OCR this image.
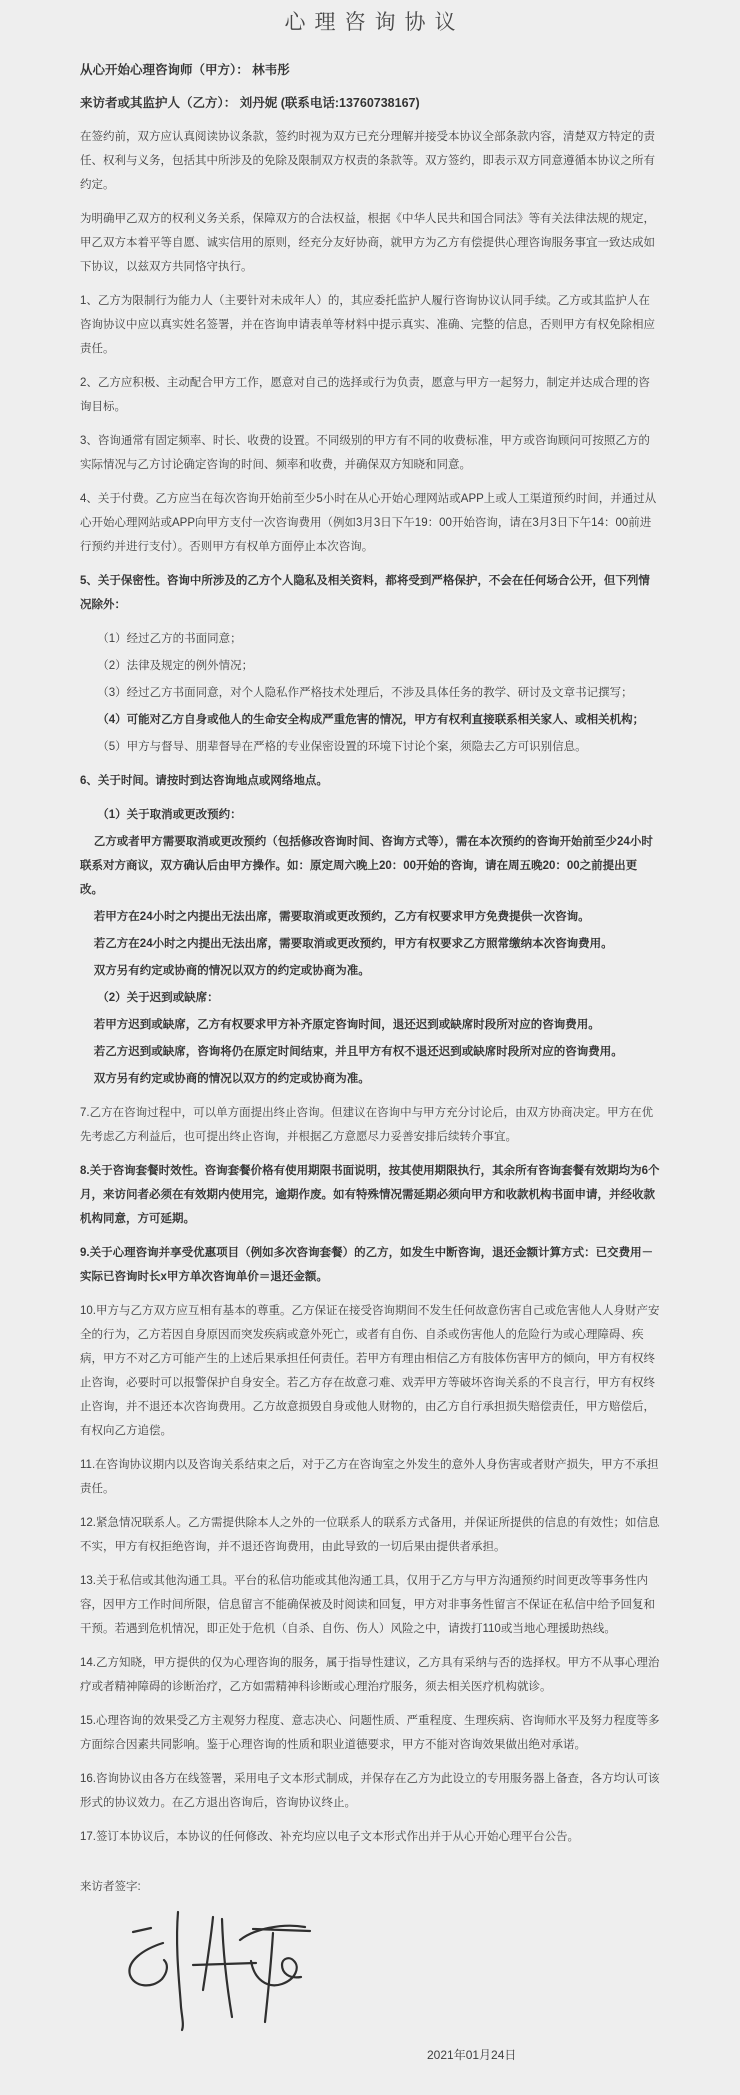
心理咨询协议

从心开始心理咨询师（甲方）： 林韦彤

来访者或其监护人（乙方）： 刘丹妮 (联系电话:13760738167)

在签约前，双方应认真阅读协议条款，签约时视为双方已充分理解并接受本协议全部条款内容，清楚双方特定的责任、权利与义务，包括其中所涉及的免除及限制双方权责的条款等。双方签约，即表示双方同意遵循本协议之所有约定。

为明确甲乙双方的权利义务关系，保障双方的合法权益，根据《中华人民共和国合同法》等有关法律法规的规定，甲乙双方本着平等自愿、诚实信用的原则，经充分友好协商，就甲方为乙方有偿提供心理咨询服务事宜一致达成如下协议，以兹双方共同恪守执行。

1、乙方为限制行为能力人（主要针对未成年人）的，其应委托监护人履行咨询协议认同手续。乙方或其监护人在咨询协议中应以真实姓名签署，并在咨询申请表单等材料中提示真实、准确、完整的信息，否则甲方有权免除相应责任。

2、乙方应积极、主动配合甲方工作，愿意对自己的选择或行为负责，愿意与甲方一起努力，制定并达成合理的咨询目标。

3、咨询通常有固定频率、时长、收费的设置。不同级别的甲方有不同的收费标准，甲方或咨询顾问可按照乙方的实际情况与乙方讨论确定咨询的时间、频率和收费，并确保双方知晓和同意。

4、关于付费。乙方应当在每次咨询开始前至少5小时在从心开始心理网站或APP上或人工渠道预约时间，并通过从心开始心理网站或APP向甲方支付一次咨询费用（例如3月3日下午19：00开始咨询，请在3月3日下午14：00前进行预约并进行支付）。否则甲方有权单方面停止本次咨询。

5、关于保密性。咨询中所涉及的乙方个人隐私及相关资料，都将受到严格保护，不会在任何场合公开，但下列情况除外：

（1）经过乙方的书面同意；

（2）法律及规定的例外情况；

（3）经过乙方书面同意，对个人隐私作严格技术处理后，不涉及具体任务的教学、研讨及文章书记撰写；

（4）可能对乙方自身或他人的生命安全构成严重危害的情况，甲方有权利直接联系相关家人、或相关机构；

（5）甲方与督导、朋辈督导在严格的专业保密设置的环境下讨论个案，须隐去乙方可识别信息。

6、关于时间。请按时到达咨询地点或网络地点。

（1）关于取消或更改预约：

乙方或者甲方需要取消或更改预约（包括修改咨询时间、咨询方式等），需在本次预约的咨询开始前至少24小时联系对方商议，双方确认后由甲方操作。如：原定周六晚上20：00开始的咨询，请在周五晚20：00之前提出更改。

若甲方在24小时之内提出无法出席，需要取消或更改预约，乙方有权要求甲方免费提供一次咨询。

若乙方在24小时之内提出无法出席，需要取消或更改预约，甲方有权要求乙方照常缴纳本次咨询费用。

双方另有约定或协商的情况以双方的约定或协商为准。

（2）关于迟到或缺席：

若甲方迟到或缺席，乙方有权要求甲方补齐原定咨询时间，退还迟到或缺席时段所对应的咨询费用。

若乙方迟到或缺席，咨询将仍在原定时间结束，并且甲方有权不退还迟到或缺席时段所对应的咨询费用。

双方另有约定或协商的情况以双方的约定或协商为准。

7.乙方在咨询过程中，可以单方面提出终止咨询。但建议在咨询中与甲方充分讨论后，由双方协商决定。甲方在优先考虑乙方利益后，也可提出终止咨询，并根据乙方意愿尽力妥善安排后续转介事宜。

8.关于咨询套餐时效性。咨询套餐价格有使用期限书面说明，按其使用期限执行，其余所有咨询套餐有效期均为6个月，来访问者必须在有效期内使用完，逾期作废。如有特殊情况需延期必须向甲方和收款机构书面申请，并经收款机构同意，方可延期。

9.关于心理咨询并享受优惠项目（例如多次咨询套餐）的乙方，如发生中断咨询，退还金额计算方式：已交费用－实际已咨询时长x甲方单次咨询单价＝退还金额。

10.甲方与乙方双方应互相有基本的尊重。乙方保证在接受咨询期间不发生任何故意伤害自己或危害他人人身财产安全的行为，乙方若因自身原因而突发疾病或意外死亡，或者有自伤、自杀或伤害他人的危险行为或心理障碍、疾病，甲方不对乙方可能产生的上述后果承担任何责任。若甲方有理由相信乙方有肢体伤害甲方的倾向，甲方有权终止咨询，必要时可以报警保护自身安全。若乙方存在故意刁难、戏弄甲方等破坏咨询关系的不良言行，甲方有权终止咨询，并不退还本次咨询费用。乙方故意损毁自身或他人财物的，由乙方自行承担损失赔偿责任，甲方赔偿后，有权向乙方追偿。

11.在咨询协议期内以及咨询关系结束之后，对于乙方在咨询室之外发生的意外人身伤害或者财产损失，甲方不承担责任。

12.紧急情况联系人。乙方需提供除本人之外的一位联系人的联系方式备用，并保证所提供的信息的有效性；如信息不实，甲方有权拒绝咨询，并不退还咨询费用，由此导致的一切后果由提供者承担。

13.关于私信或其他沟通工具。平台的私信功能或其他沟通工具，仅用于乙方与甲方沟通预约时间更改等事务性内容，因甲方工作时间所限，信息留言不能确保被及时阅读和回复，甲方对非事务性留言不保证在私信中给予回复和干预。若遇到危机情况，即正处于危机（自杀、自伤、伤人）风险之中，请拨打110或当地心理援助热线。

14.乙方知晓，甲方提供的仅为心理咨询的服务，属于指导性建议，乙方具有采纳与否的选择权。甲方不从事心理治疗或者精神障碍的诊断治疗，乙方如需精神科诊断或心理治疗服务，须去相关医疗机构就诊。

15.心理咨询的效果受乙方主观努力程度、意志决心、问题性质、严重程度、生理疾病、咨询师水平及努力程度等多方面综合因素共同影响。鉴于心理咨询的性质和职业道德要求，甲方不能对咨询效果做出绝对承诺。

16.咨询协议由各方在线签署，采用电子文本形式制成，并保存在乙方为此设立的专用服务器上备查，各方均认可该形式的协议效力。在乙方退出咨询后，咨询协议终止。

17.签订本协议后，本协议的任何修改、补充均应以电子文本形式作出并于从心开始心理平台公告。

来访者签字:

2021年01月24日
